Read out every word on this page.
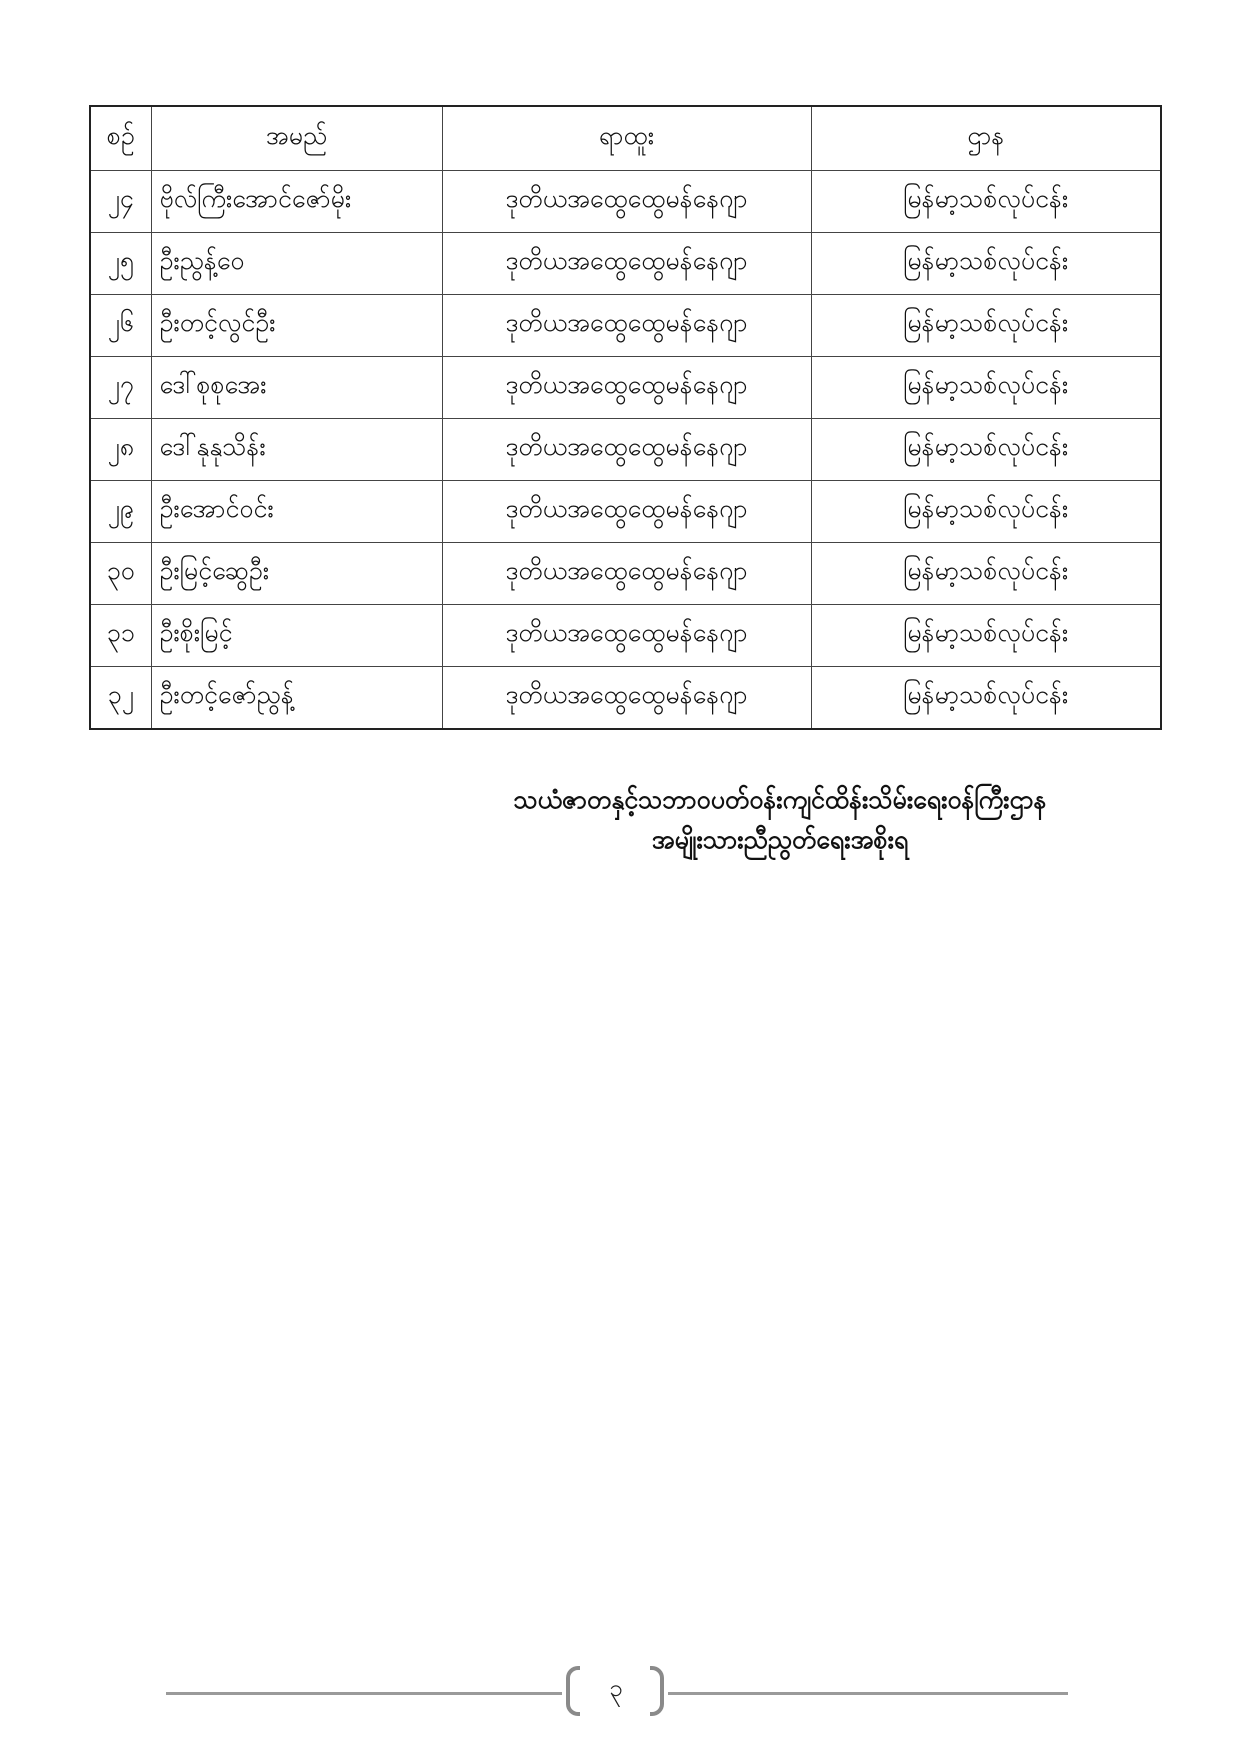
စဉ်	အမည်	ရာထူး	ဌာန
၂၄	ဗိုလ်ကြီးအောင်ဇော်မိုး	ဒုတိယအထွေထွေမန်နေဂျာ	မြန်မာ့သစ်လုပ်ငန်း
၂၅	ဦးညွန့်ဝေ	ဒုတိယအထွေထွေမန်နေဂျာ	မြန်မာ့သစ်လုပ်ငန်း
၂၆	ဦးတင့်လွင်ဦး	ဒုတိယအထွေထွေမန်နေဂျာ	မြန်မာ့သစ်လုပ်ငန်း
၂၇	ဒေါ်စုစုအေး	ဒုတိယအထွေထွေမန်နေဂျာ	မြန်မာ့သစ်လုပ်ငန်း
၂၈	ဒေါ်နုနုသိန်း	ဒုတိယအထွေထွေမန်နေဂျာ	မြန်မာ့သစ်လုပ်ငန်း
၂၉	ဦးအောင်ဝင်း	ဒုတိယအထွေထွေမန်နေဂျာ	မြန်မာ့သစ်လုပ်ငန်း
၃၀	ဦးမြင့်ဆွေဦး	ဒုတိယအထွေထွေမန်နေဂျာ	မြန်မာ့သစ်လုပ်ငန်း
၃၁	ဦးစိုးမြင့်	ဒုတိယအထွေထွေမန်နေဂျာ	မြန်မာ့သစ်လုပ်ငန်း
၃၂	ဦးတင့်ဇော်ညွန့်	ဒုတိယအထွေထွေမန်နေဂျာ	မြန်မာ့သစ်လုပ်ငန်း
သယံဇာတနှင့်သဘာဝပတ်ဝန်းကျင်ထိန်းသိမ်းရေးဝန်ကြီးဌာန
အမျိုးသားညီညွတ်ရေးအစိုးရ
၃
